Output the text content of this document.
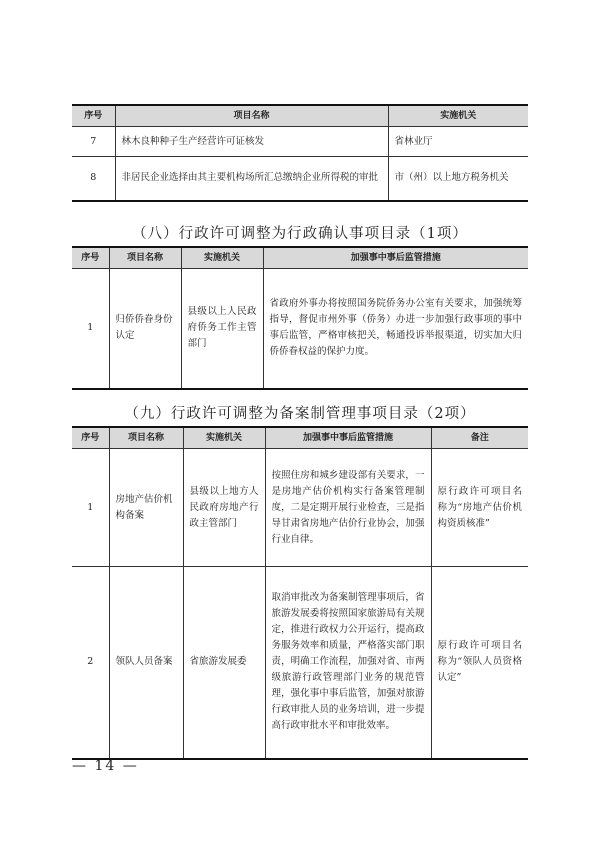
序号	项目名称	实施机关
7	林木良种种子生产经营许可证核发	省林业厅
8	非居民企业选择由其主要机构场所汇总缴纳企业所得税的审批	市（州）以上地方税务机关
（八）行政许可调整为行政确认事项目录（1项）
序号	项目名称	实施机关	加强事中事后监管措施
1	归侨侨眷身份认定	县级以上人民政府侨务工作主管部门	省政府外事办将按照国务院侨务办公室有关要求，加强统筹指导，督促市州外事（侨务）办进一步加强行政事项的事中事后监管，严格审核把关，畅通投诉举报渠道，切实加大归侨侨眷权益的保护力度。
（九）行政许可调整为备案制管理事项目录（2项）
序号	项目名称	实施机关	加强事中事后监管措施	备注
1	房地产估价机构备案	县级以上地方人民政府房地产行政主管部门	按照住房和城乡建设部有关要求，一是房地产估价机构实行备案管理制度，二是定期开展行业检查，三是指导甘肃省房地产估价行业协会，加强行业自律。	原行政许可项目名称为“房地产估价机构资质核准”
2	领队人员备案	省旅游发展委	取消审批改为备案制管理事项后，省旅游发展委将按照国家旅游局有关规定，推进行政权力公开运行，提高政务服务效率和质量，严格落实部门职责，明确工作流程，加强对省、市两级旅游行政管理部门业务的规范管理，强化事中事后监管，加强对旅游行政审批人员的业务培训，进一步提高行政审批水平和审批效率。	原行政许可项目名称为“领队人员资格认定”
— 14 —
